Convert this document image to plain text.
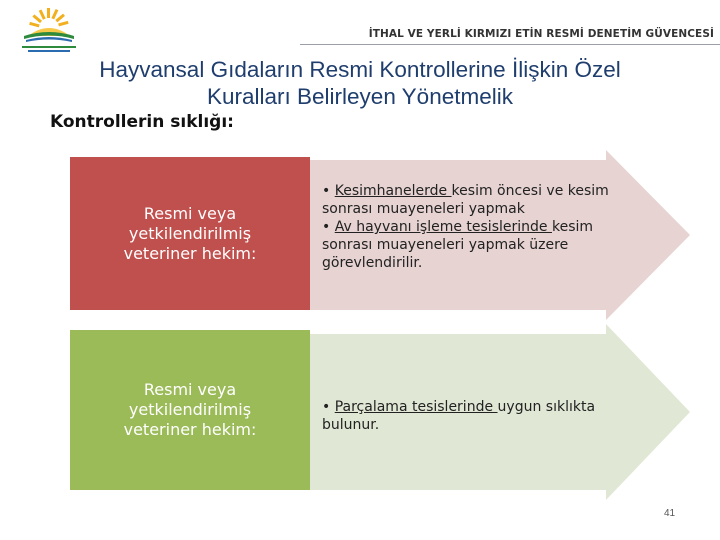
İTHAL VE YERLİ KIRMIZI ETİN RESMİ DENETİM GÜVENCESİ
Hayvansal Gıdaların Resmi Kontrollerine İlişkin Özel
Kuralları Belirleyen Yönetmelik
Kontrollerin sıklığı:
Resmi veya
yetkilendirilmiş
veteriner hekim:
• Kesimhanelerde kesim öncesi ve kesim sonrası muayeneleri yapmak
• Av hayvanı işleme tesislerinde kesim sonrası muayeneleri yapmak üzere görevlendirilir.
Resmi veya
yetkilendirilmiş
veteriner hekim:
• Parçalama tesislerinde uygun sıklıkta bulunur.
41
